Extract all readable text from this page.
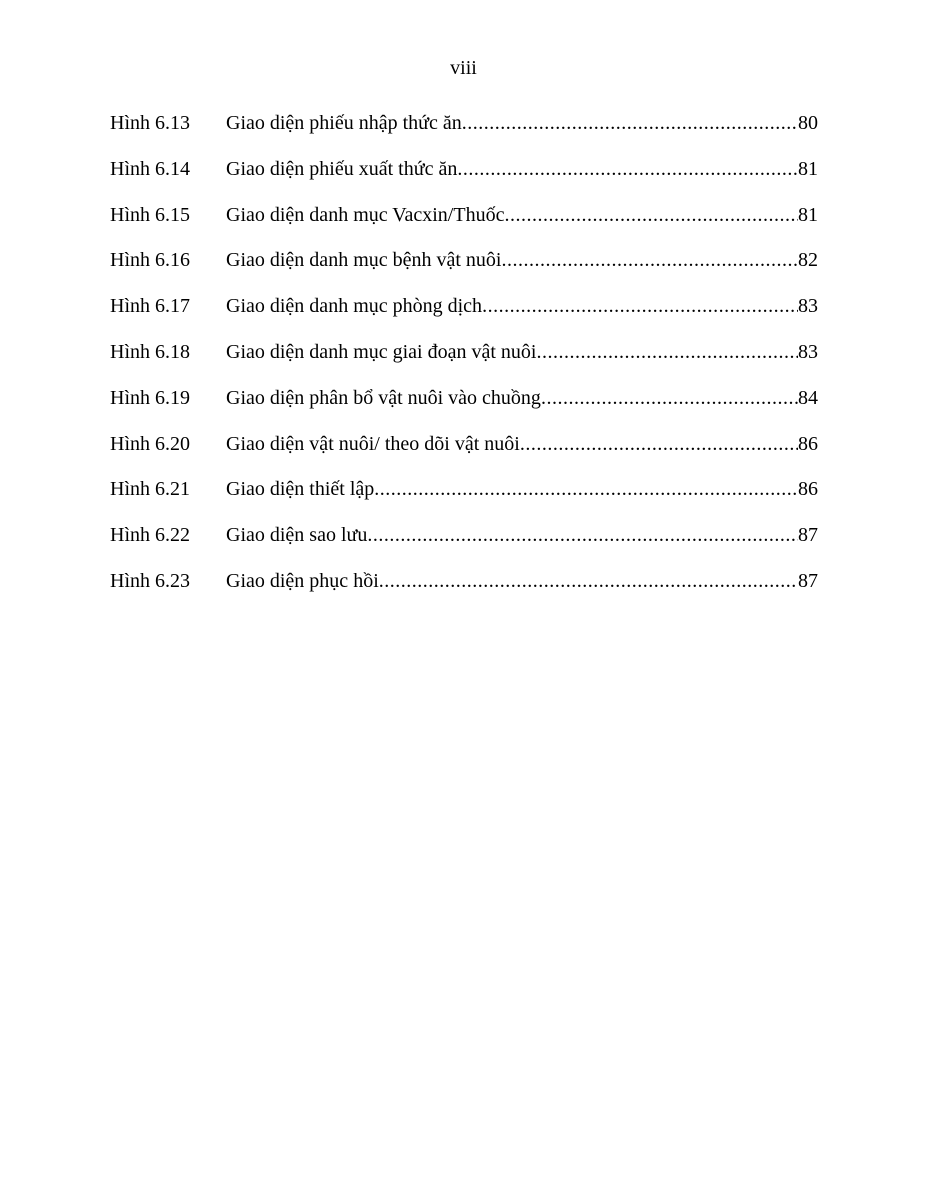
viii
Hình 6.13	Giao diện phiếu nhập thức ăn .....	80
Hình 6.14	Giao diện phiếu xuất thức ăn .....	81
Hình 6.15	Giao diện danh mục Vacxin/Thuốc .....	81
Hình 6.16	Giao diện danh mục bệnh vật nuôi .....	82
Hình 6.17	Giao diện danh mục phòng dịch .....	83
Hình 6.18	Giao diện danh mục giai đoạn vật nuôi .....	83
Hình 6.19	Giao diện phân bổ vật nuôi vào chuồng .....	84
Hình 6.20	Giao diện vật nuôi/ theo dõi vật nuôi .....	86
Hình 6.21	Giao diện thiết lập .....	86
Hình 6.22	Giao diện sao lưu .....	87
Hình 6.23	Giao diện phục hồi .....	87
